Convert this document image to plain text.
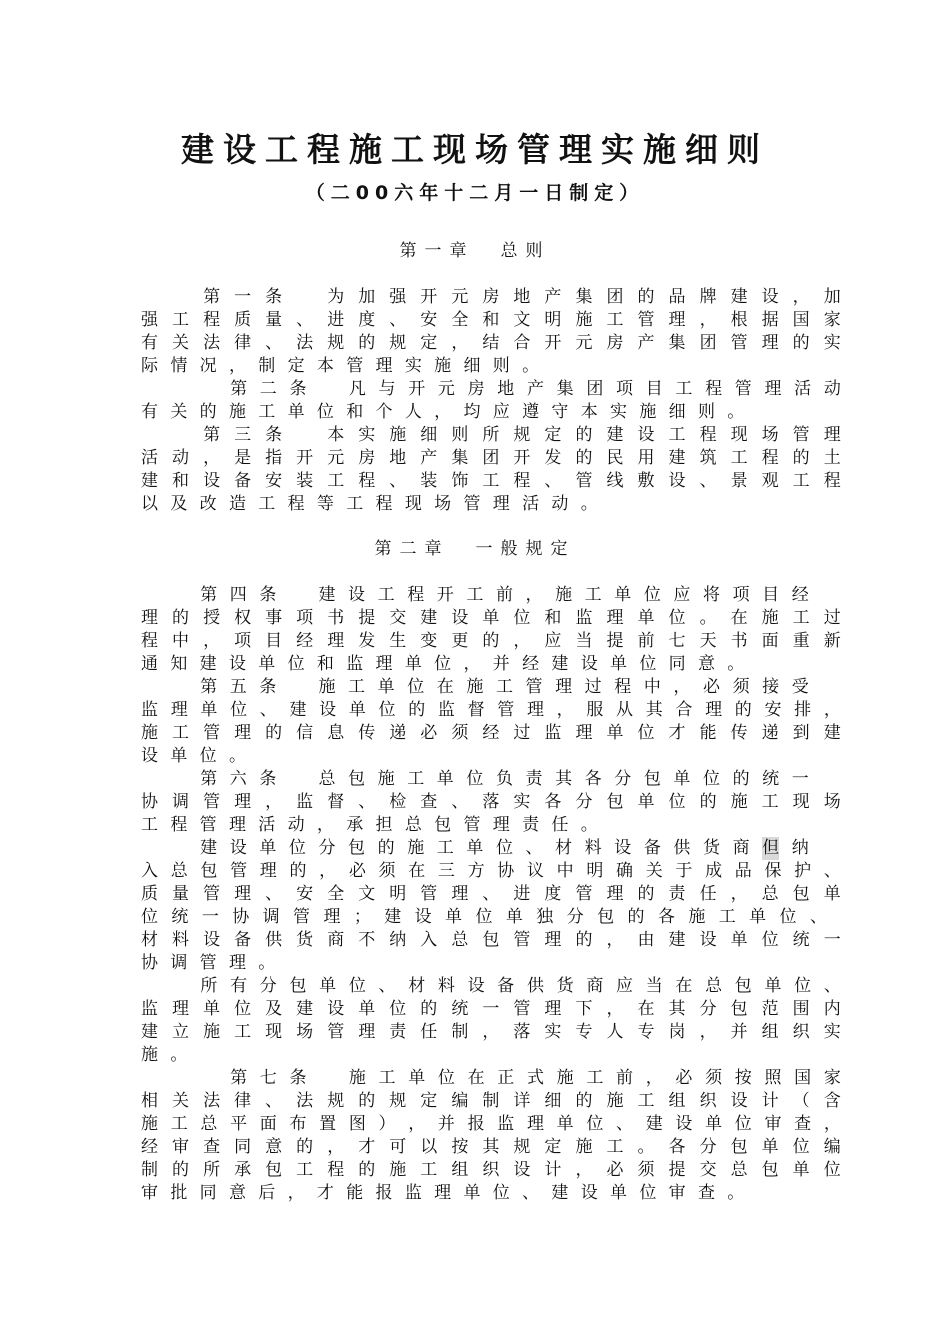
建设工程施工现场管理实施细则
（二00六年十二月一日制定）
第一章 总则
第二章 一般规定

第 一 条
	为 加 强 开 元 房 地 产 集 团 的 品 牌 建 设 ， 加
强 工 程 质 量 、 进 度 、 安 全 和 文 明 施 工 管 理 ， 根 据 国 家
有 关 法 律 、 法 规 的 规 定 ， 结 合 开 元 房 产 集 团 管 理 的 实
际 情 况 ， 制 定 本 管 理 实 施 细 则 。

第 二 条
凡 与 开 元 房 地 产 集 团 项 目 工 程 管 理 活 动
有 关 的 施 工 单 位 和 个 人 ， 均 应 遵 守 本 实 施 细 则 。

第 三 条
	本 实 施 细 则 所 规 定 的 建 设 工 程 现 场 管 理
活 动 ， 是 指 开 元 房 地 产 集 团 开 发 的 民 用 建 筑 工 程 的 土
建 和 设 备 安 装 工 程 、 装 饰 工 程 、 管 线 敷 设 、 景 观 工 程
以 及 改 造 工 程 等 工 程 现 场 管 理 活 动 。

第 四 条
建 设 工 程 开 工 前 ， 施 工 单 位 应 将 项 目 经
理 的 授 权 事 项 书 提 交 建 设 单 位 和 监 理 单 位 。 在 施 工 过
程 中 ， 项 目 经 理 发 生 变 更 的 ， 应 当 提 前 七 天 书 面 重 新
通 知 建 设 单 位 和 监 理 单 位 ， 并 经 建 设 单 位 同 意 。

第 五 条
施 工 单 位 在 施 工 管 理 过 程 中 ， 必 须 接 受
监 理 单 位 、 建 设 单 位 的 监 督 管 理 ， 服 从 其 合 理 的 安 排 ，
施 工 管 理 的 信 息 传 递 必 须 经 过 监 理 单 位 才 能 传 递 到 建
设 单 位 。

第 六 条
总 包 施 工 单 位 负 责 其 各 分 包 单 位 的 统 一
协 调 管 理 ， 监 督 、 检 查 、 落 实 各 分 包 单 位 的 施 工 现 场
工 程 管 理 活 动 ， 承 担 总 包 管 理 责 任 。

建 设 单 位 分 包 的 施 工 单 位 、 材 料 设 备 供 货 商 但 纳
入 总 包 管 理 的 ， 必 须 在 三 方 协 议 中 明 确 关 于 成 品 保 护 、
质 量 管 理 、 安 全 文 明 管 理 、 进 度 管 理 的 责 任 ， 总 包 单
位 统 一 协 调 管 理 ； 建 设 单 位 单 独 分 包 的 各 施 工 单 位 、
材 料 设 备 供 货 商 不 纳 入 总 包 管 理 的 ， 由 建 设 单 位 统 一
协 调 管 理 。

所 有 分 包 单 位 、 材 料 设 备 供 货 商 应 当 在 总 包 单 位 、
监 理 单 位 及 建 设 单 位 的 统 一 管 理 下 ， 在 其 分 包 范 围 内
建 立 施 工 现 场 管 理 责 任 制 ， 落 实 专 人 专 岗 ， 并 组 织 实
施 。

第 七 条
施 工 单 位 在 正 式 施 工 前 ， 必 须 按 照 国 家
相 关 法 律 、 法 规 的 规 定 编 制 详 细 的 施 工 组 织 设 计 （ 含
施 工 总 平 面 布 置 图 ） ， 并 报 监 理 单 位 、 建 设 单 位 审 查 ，
经 审 查 同 意 的 ， 才 可 以 按 其 规 定 施 工 。 各 分 包 单 位 编
制 的 所 承 包 工 程 的 施 工 组 织 设 计 ， 必 须 提 交 总 包 单 位
审 批 同 意 后 ， 才 能 报 监 理 单 位 、 建 设 单 位 审 查 。
